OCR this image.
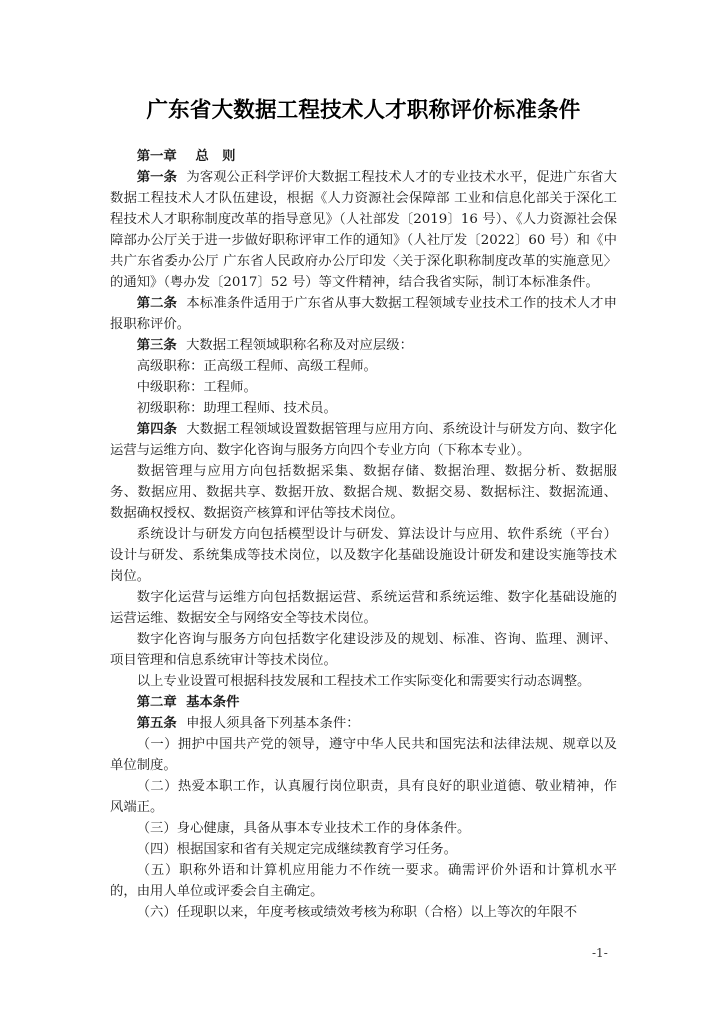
广东省大数据工程技术人才职称评价标准条件

第一章 总　则

第一条 为客观公正科学评价大数据工程技术人才的专业技术水平，促进广东省大数据工程技术人才队伍建设，根据《人力资源社会保障部 工业和信息化部关于深化工程技术人才职称制度改革的指导意见》（人社部发〔2019〕16 号）、《人力资源社会保障部办公厅关于进一步做好职称评审工作的通知》（人社厅发〔2022〕60 号）和《中共广东省委办公厅 广东省人民政府办公厅印发〈关于深化职称制度改革的实施意见〉的通知》（粤办发〔2017〕52 号）等文件精神，结合我省实际，制订本标准条件。

第二条 本标准条件适用于广东省从事大数据工程领域专业技术工作的技术人才申报职称评价。

第三条 大数据工程领域职称名称及对应层级：

高级职称：正高级工程师、高级工程师。

中级职称：工程师。

初级职称：助理工程师、技术员。

第四条 大数据工程领域设置数据管理与应用方向、系统设计与研发方向、数字化运营与运维方向、数字化咨询与服务方向四个专业方向（下称本专业）。

数据管理与应用方向包括数据采集、数据存储、数据治理、数据分析、数据服务、数据应用、数据共享、数据开放、数据合规、数据交易、数据标注、数据流通、数据确权授权、数据资产核算和评估等技术岗位。

系统设计与研发方向包括模型设计与研发、算法设计与应用、软件系统（平台）设计与研发、系统集成等技术岗位，以及数字化基础设施设计研发和建设实施等技术岗位。

数字化运营与运维方向包括数据运营、系统运营和系统运维、数字化基础设施的运营运维、数据安全与网络安全等技术岗位。

数字化咨询与服务方向包括数字化建设涉及的规划、标准、咨询、监理、测评、项目管理和信息系统审计等技术岗位。

以上专业设置可根据科技发展和工程技术工作实际变化和需要实行动态调整。

第二章 基本条件

第五条 申报人须具备下列基本条件：

（一）拥护中国共产党的领导，遵守中华人民共和国宪法和法律法规、规章以及单位制度。

（二）热爱本职工作，认真履行岗位职责，具有良好的职业道德、敬业精神，作风端正。

（三）身心健康，具备从事本专业技术工作的身体条件。

（四）根据国家和省有关规定完成继续教育学习任务。

（五）职称外语和计算机应用能力不作统一要求。确需评价外语和计算机水平的，由用人单位或评委会自主确定。

（六）任现职以来，年度考核或绩效考核为称职（合格）以上等次的年限不

-1-
